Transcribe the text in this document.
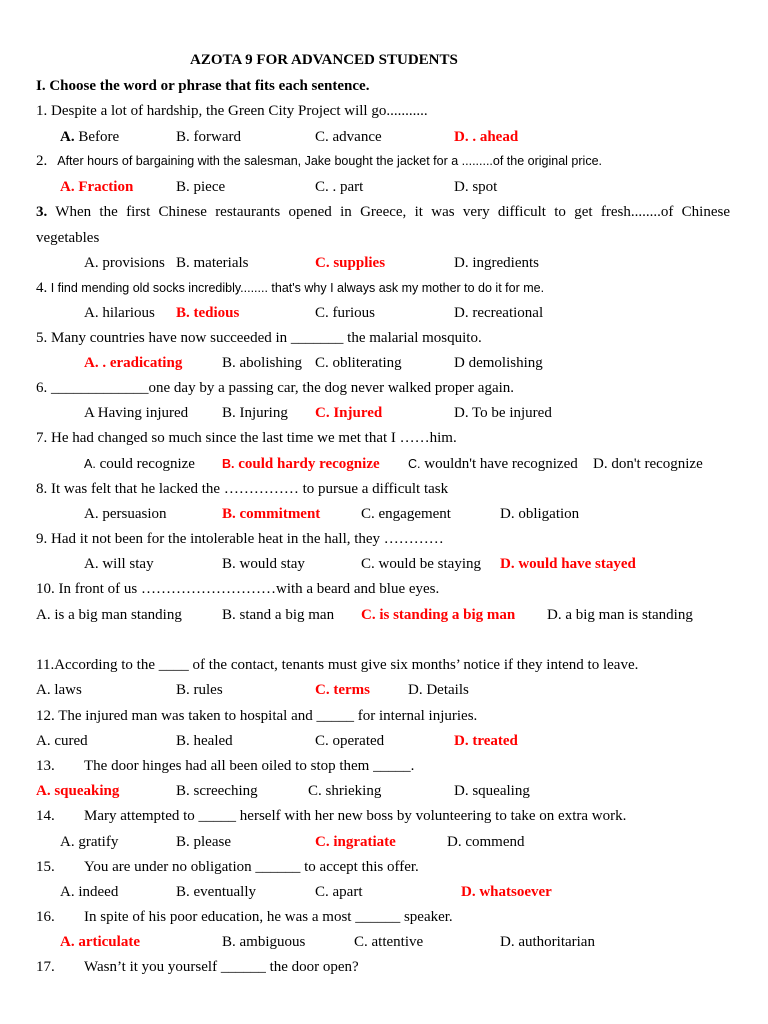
AZOTA 9 FOR ADVANCED STUDENTS
I. Choose the word or phrase that fits each sentence.
1. Despite a lot of hardship, the Green City Project will go...........
A. Before	B. forward	C. advance	D. . ahead
2. After hours of bargaining with the salesman, Jake bought the jacket for a .........of the original price.
A. Fraction	B. piece	C. . part	D. spot
3. When the first Chinese restaurants opened in Greece, it was very difficult to get fresh........of Chinese
vegetables
A. provisions B. materials	C. supplies	D. ingredients
4. I find mending old socks incredibly........ that's why I always ask my mother to do it for me.
A. hilarious B. tedious	C. furious	D. recreational
5. Many countries have now succeeded in _______ the malarial mosquito.
A. . eradicating	B. abolishing C. obliterating	D demolishing
6. _____________one day by a passing car, the dog never walked proper again.
A Having injured B. Injuring C. Injured	D. To be injured
7. He had changed so much since the last time we met that I ……him.
A. could recognize B. could hardy recognize C. wouldn't have recognized D. don't recognize
8. It was felt that he lacked the …………… to pursue a difficult task
A. persuasion	B. commitment	C. engagement	D. obligation
9. Had it not been for the intolerable heat in the hall, they …………
A. will stay	B. would stay	C. would be staying D. would have stayed
10. In front of us ………………………with a beard and blue eyes.
A. is a big man standing	B. stand a big man C. is standing a big man D. a big man is standing
11.According to the ____ of the contact, tenants must give six months’ notice if they intend to leave.
A. laws	B. rules	C. terms	D. Details
12. The injured man was taken to hospital and _____ for internal injuries.
A. cured	B. healed	C. operated	D. treated
13. The door hinges had all been oiled to stop them _____.
A. squeaking	B. screeching	C. shrieking	D. squealing
14. Mary attempted to _____ herself with her new boss by volunteering to take on extra work.
A. gratify	B. please	C. ingratiate	D. commend
15. You are under no obligation ______ to accept this offer.
A. indeed	B. eventually	C. apart	D. whatsoever
16. In spite of his poor education, he was a most ______ speaker.
A. articulate	B. ambiguous	C. attentive	D. authoritarian
17. Wasn’t it you yourself ______ the door open?
